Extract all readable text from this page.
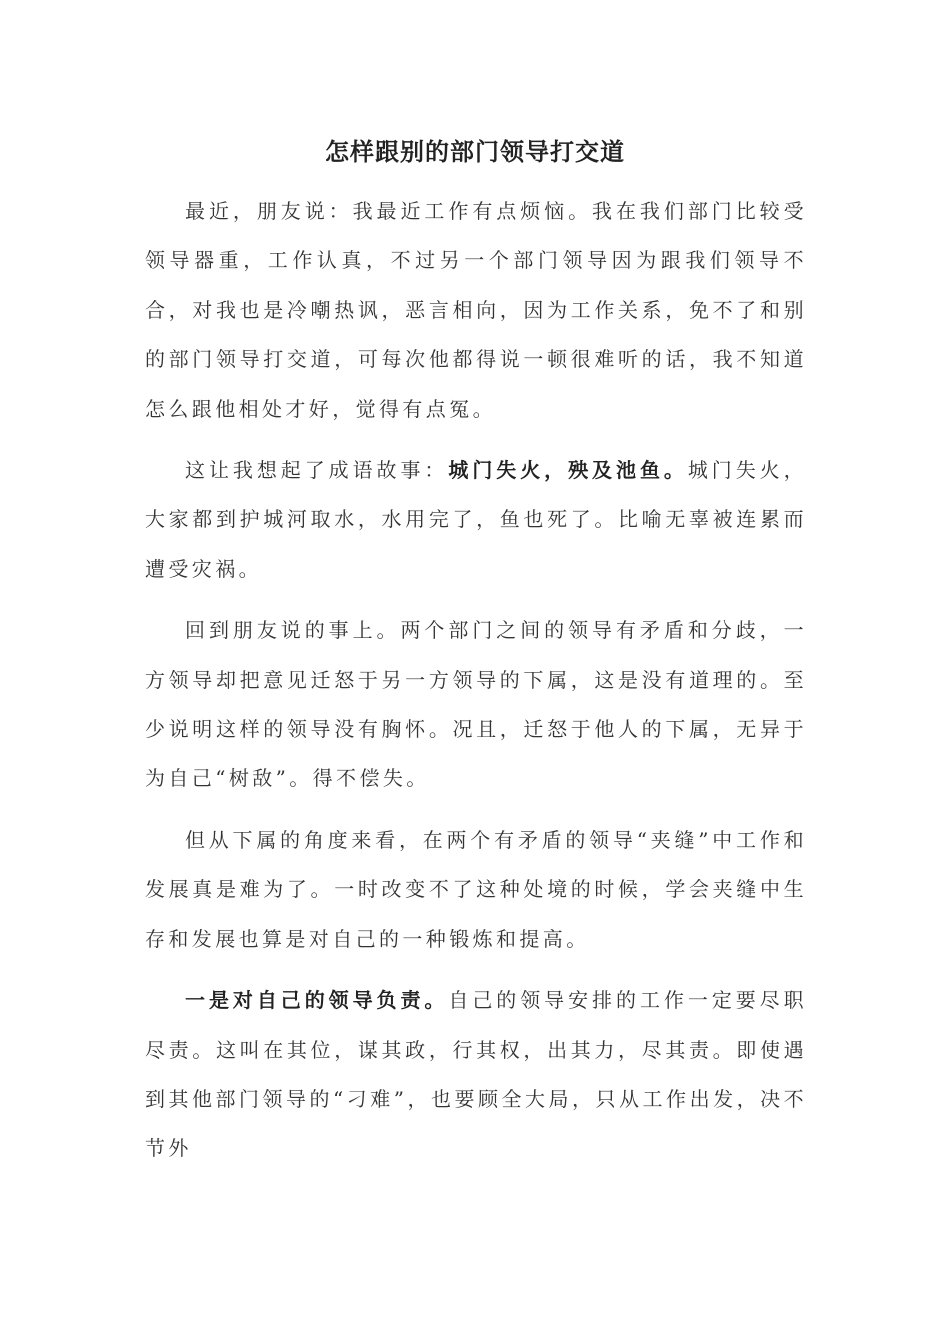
怎样跟别的部门领导打交道

最近，朋友说：我最近工作有点烦恼。我在我们部门比较受领导器重，工作认真，不过另一个部门领导因为跟我们领导不合，对我也是冷嘲热讽，恶言相向，因为工作关系，免不了和别的部门领导打交道，可每次他都得说一顿很难听的话，我不知道怎么跟他相处才好，觉得有点冤。

这让我想起了成语故事：城门失火，殃及池鱼。城门失火，大家都到护城河取水，水用完了，鱼也死了。比喻无辜被连累而遭受灾祸。

回到朋友说的事上。两个部门之间的领导有矛盾和分歧，一方领导却把意见迁怒于另一方领导的下属，这是没有道理的。至少说明这样的领导没有胸怀。况且，迁怒于他人的下属，无异于为自己“树敌”。得不偿失。

但从下属的角度来看，在两个有矛盾的领导“夹缝”中工作和发展真是难为了。一时改变不了这种处境的时候，学会夹缝中生存和发展也算是对自己的一种锻炼和提高。

一是对自己的领导负责。自己的领导安排的工作一定要尽职尽责。这叫在其位，谋其政，行其权，出其力，尽其责。即使遇到其他部门领导的“刁难”，也要顾全大局，只从工作出发，决不节外
